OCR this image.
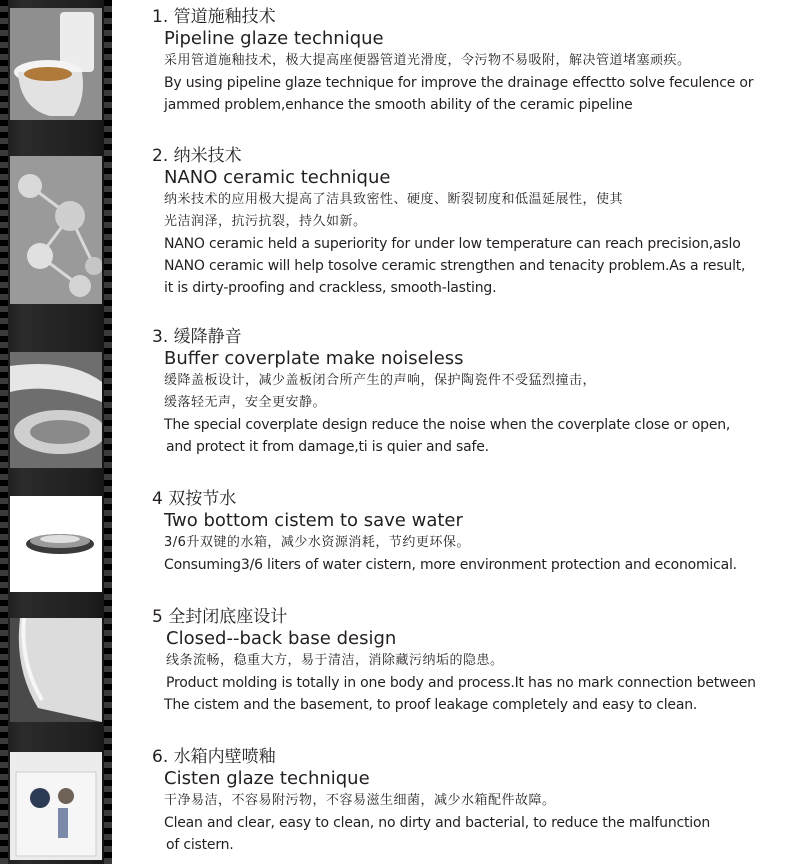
1. 管道施釉技术
Pipeline glaze technique
采用管道施釉技术，极大提高座便器管道光滑度，令污物不易吸附，解决管道堵塞顽疾。
By using pipeline glaze technique for improve the drainage effectto solve feculence or
jammed problem,enhance the smooth ability of the ceramic pipeline
2. 纳米技术
NANO ceramic technique
纳米技术的应用极大提高了洁具致密性、硬度、断裂韧度和低温延展性，使其
光洁润泽，抗污抗裂，持久如新。
NANO ceramic held a superiority for under low temperature can reach precision,aslo
NANO ceramic will help tosolve ceramic strengthen and tenacity problem.As a result,
it is dirty-proofing and crackless, smooth-lasting.
3. 缓降静音
Buffer coverplate make noiseless
缓降盖板设计，减少盖板闭合所产生的声响，保护陶瓷件不受猛烈撞击，
缓落轻无声，安全更安静。
The special coverplate design reduce the noise when the coverplate close or open,
and protect it from damage,ti is quier and safe.
4 双按节水
Two bottom cistem to save water
3/6升双键的水箱，减少水资源消耗，节约更环保。
Consuming3/6 liters of water cistern, more environment protection and economical.
5 全封闭底座设计
Closed--back base design
线条流畅，稳重大方，易于清洁，消除藏污纳垢的隐患。
Product molding is totally in one body and process.It has no mark connection between
The cistem and the basement, to proof leakage completely and easy to clean.
6. 水箱内壁喷釉
Cisten glaze technique
干净易洁，不容易附污物，不容易滋生细菌，减少水箱配件故障。
Clean and clear, easy to clean, no dirty and bacterial, to reduce the malfunction
of cistern.
